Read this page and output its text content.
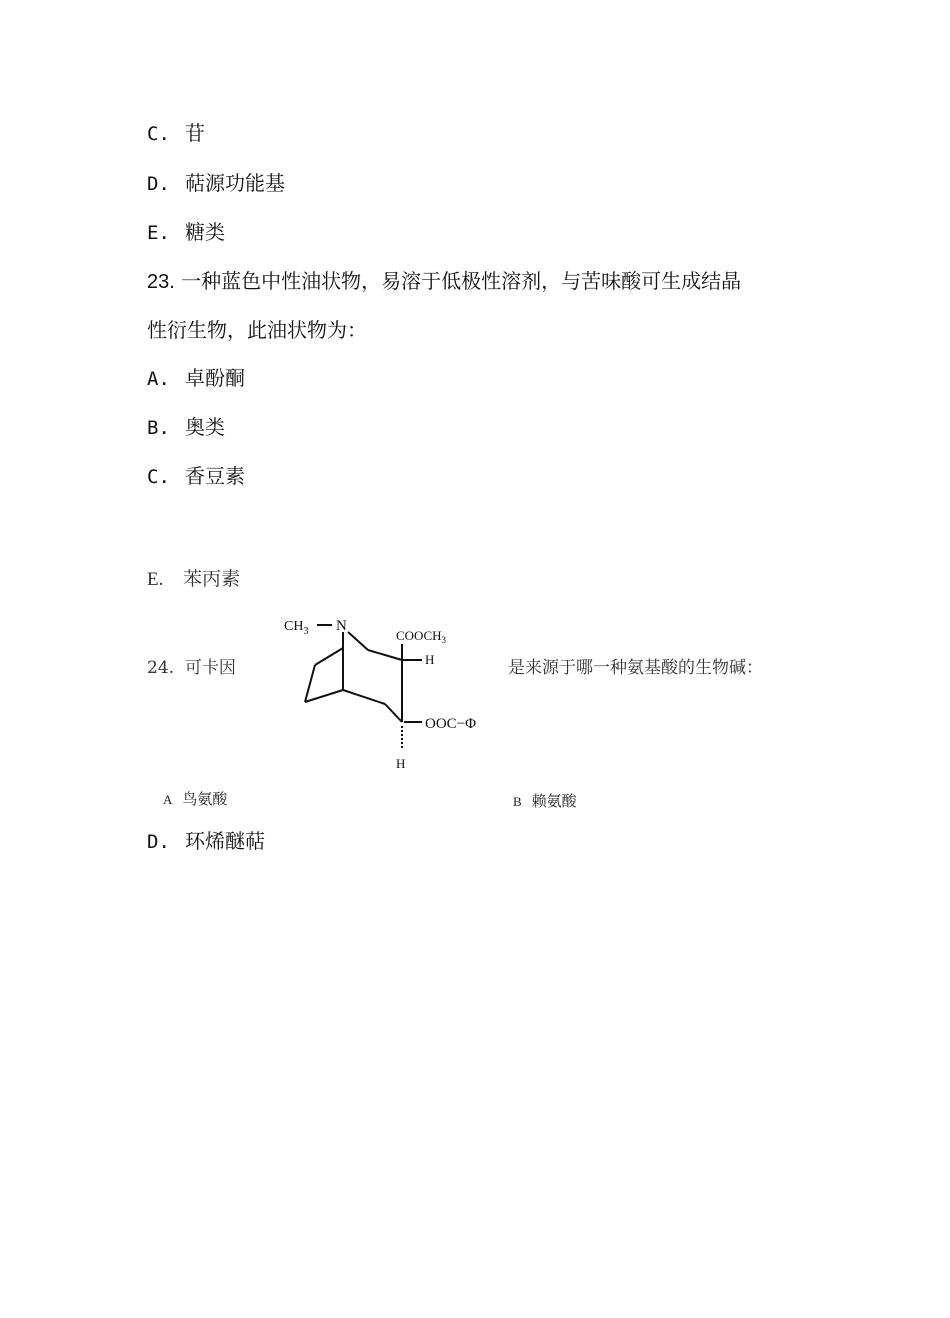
C. 苷
D. 萜源功能基
E. 糖类
23. 一种蓝色中性油状物，易溶于低极性溶剂，与苦味酸可生成结晶
性衍生物，此油状物为：
A. 卓酚酮
B. 奥类
C. 香豆素
E. 苯丙素
24. 可卡因
$CH_3$ N
$COOCH_3$
H
OOC−Φ
H
是来源于哪一种氨基酸的生物碱：
A 鸟氨酸	B 赖氨酸
D. 环烯醚萜
